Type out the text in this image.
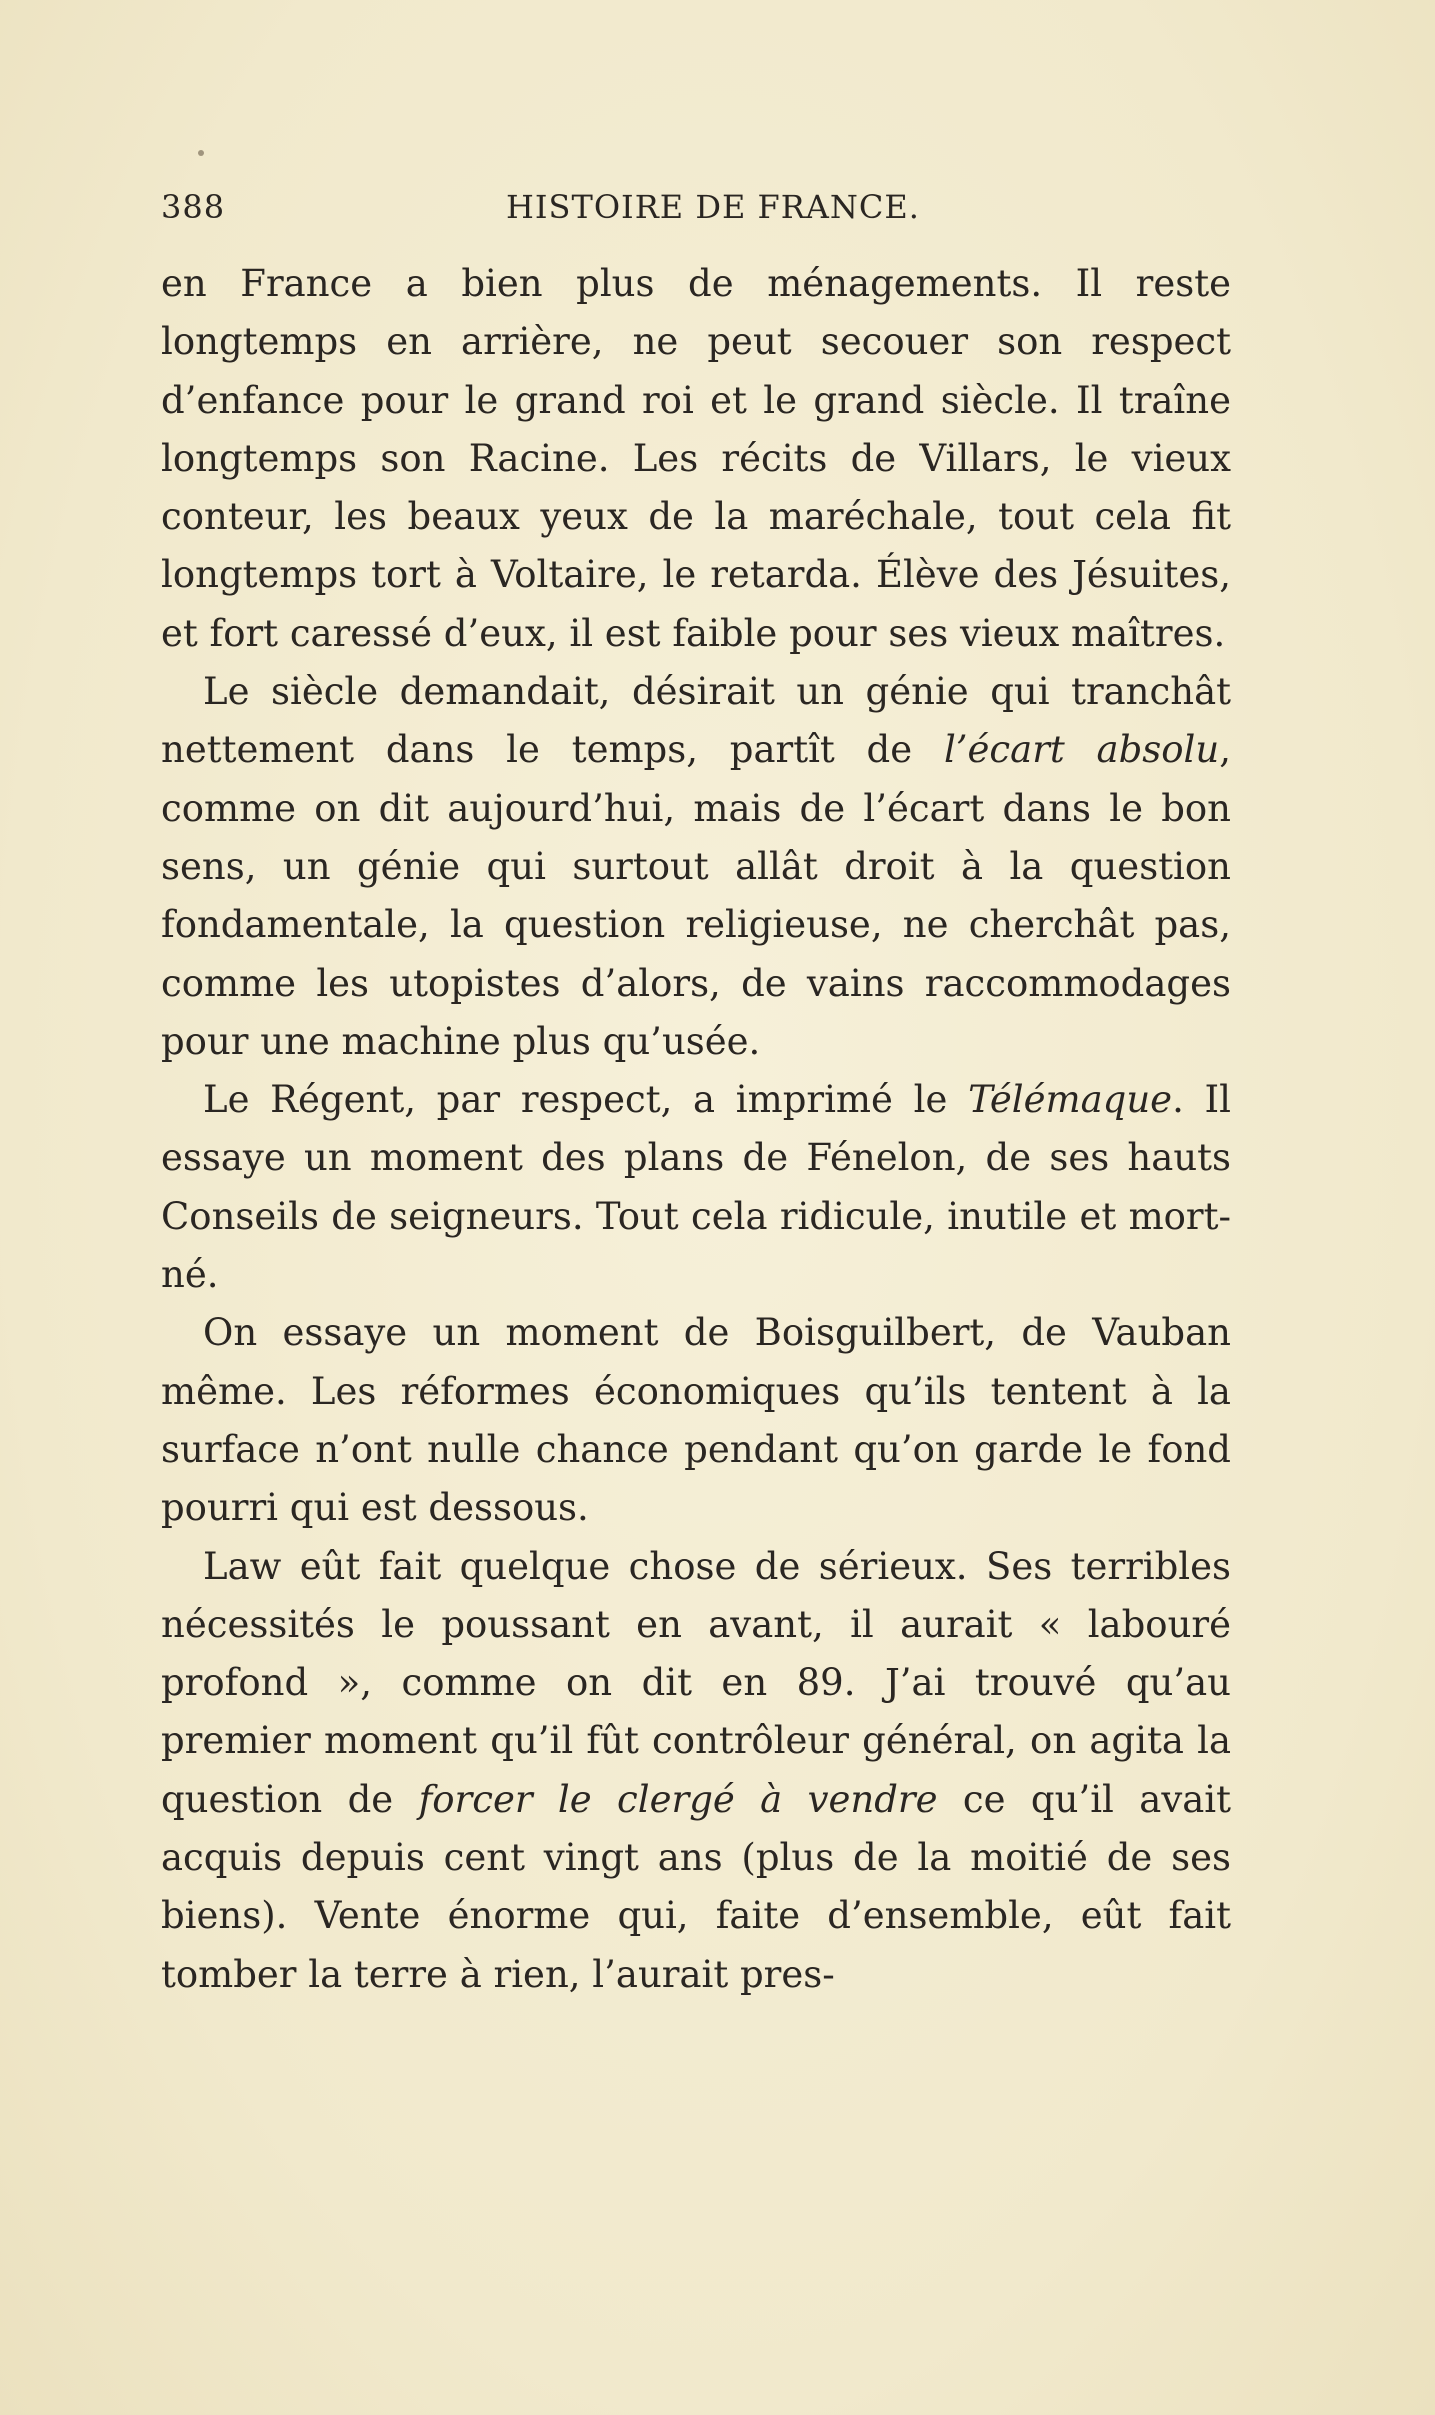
388	HISTOIRE DE FRANCE.

en France a bien plus de ménagements. Il reste longtemps en arrière, ne peut secouer son respect d’enfance pour le grand roi et le grand siècle. Il traîne longtemps son Racine. Les récits de Villars, le vieux conteur, les beaux yeux de la maréchale, tout cela fit longtemps tort à Voltaire, le retarda. Élève des Jésuites, et fort caressé d’eux, il est faible pour ses vieux maîtres.

Le siècle demandait, désirait un génie qui tranchât nettement dans le temps, partît de l’écart absolu, comme on dit aujourd’hui, mais de l’écart dans le bon sens, un génie qui surtout allât droit à la question fondamentale, la question religieuse, ne cherchât pas, comme les utopistes d’alors, de vains raccommodages pour une machine plus qu’usée.

Le Régent, par respect, a imprimé le Télémaque. Il essaye un moment des plans de Fénelon, de ses hauts Conseils de seigneurs. Tout cela ridicule, inutile et mort-né.

On essaye un moment de Boisguilbert, de Vauban même. Les réformes économiques qu’ils tentent à la surface n’ont nulle chance pendant qu’on garde le fond pourri qui est dessous.

Law eût fait quelque chose de sérieux. Ses terribles nécessités le poussant en avant, il aurait « labouré profond », comme on dit en 89. J’ai trouvé qu’au premier moment qu’il fût contrôleur général, on agita la question de forcer le clergé à vendre ce qu’il avait acquis depuis cent vingt ans (plus de la moitié de ses biens). Vente énorme qui, faite d’ensemble, eût fait tomber la terre à rien, l’aurait pres-
